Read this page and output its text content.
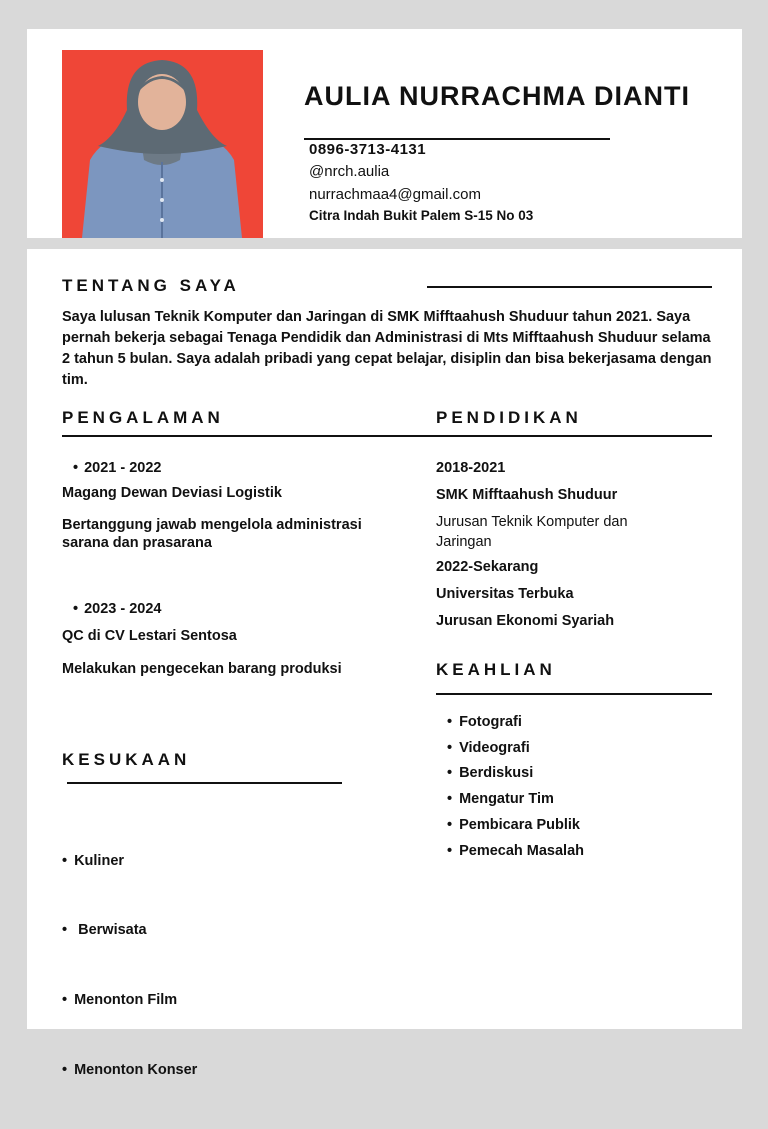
AULIA NURRACHMA DIANTI
0896-3713-4131
@nrch.aulia
nurrachmaa4@gmail.com
Citra Indah Bukit Palem S-15 No 03
TENTANG SAYA
Saya lulusan Teknik Komputer dan Jaringan di SMK Mifftaahush Shuduur tahun 2021. Saya pernah bekerja sebagai Tenaga Pendidik dan Administrasi di Mts Mifftaahush Shuduur selama 2 tahun 5 bulan. Saya adalah pribadi yang cepat belajar, disiplin dan bisa bekerjasama dengan tim.
PENGALAMAN
• 2021 - 2022
Magang Dewan Deviasi Logistik
Bertanggung jawab mengelola administrasi sarana dan prasarana
• 2023 - 2024
QC di CV Lestari Sentosa
Melakukan pengecekan barang produksi
PENDIDIKAN
2018-2021
SMK Mifftaahush Shuduur
Jurusan Teknik Komputer dan Jaringan
2022-Sekarang
Universitas Terbuka
Jurusan Ekonomi Syariah
KEAHLIAN
• Fotografi
• Videografi
• Berdiskusi
• Mengatur Tim
• Pembicara Publik
• Pemecah Masalah
KESUKAAN

• Kuliner

•  Berwisata

• Menonton Film

• Menonton Konser
